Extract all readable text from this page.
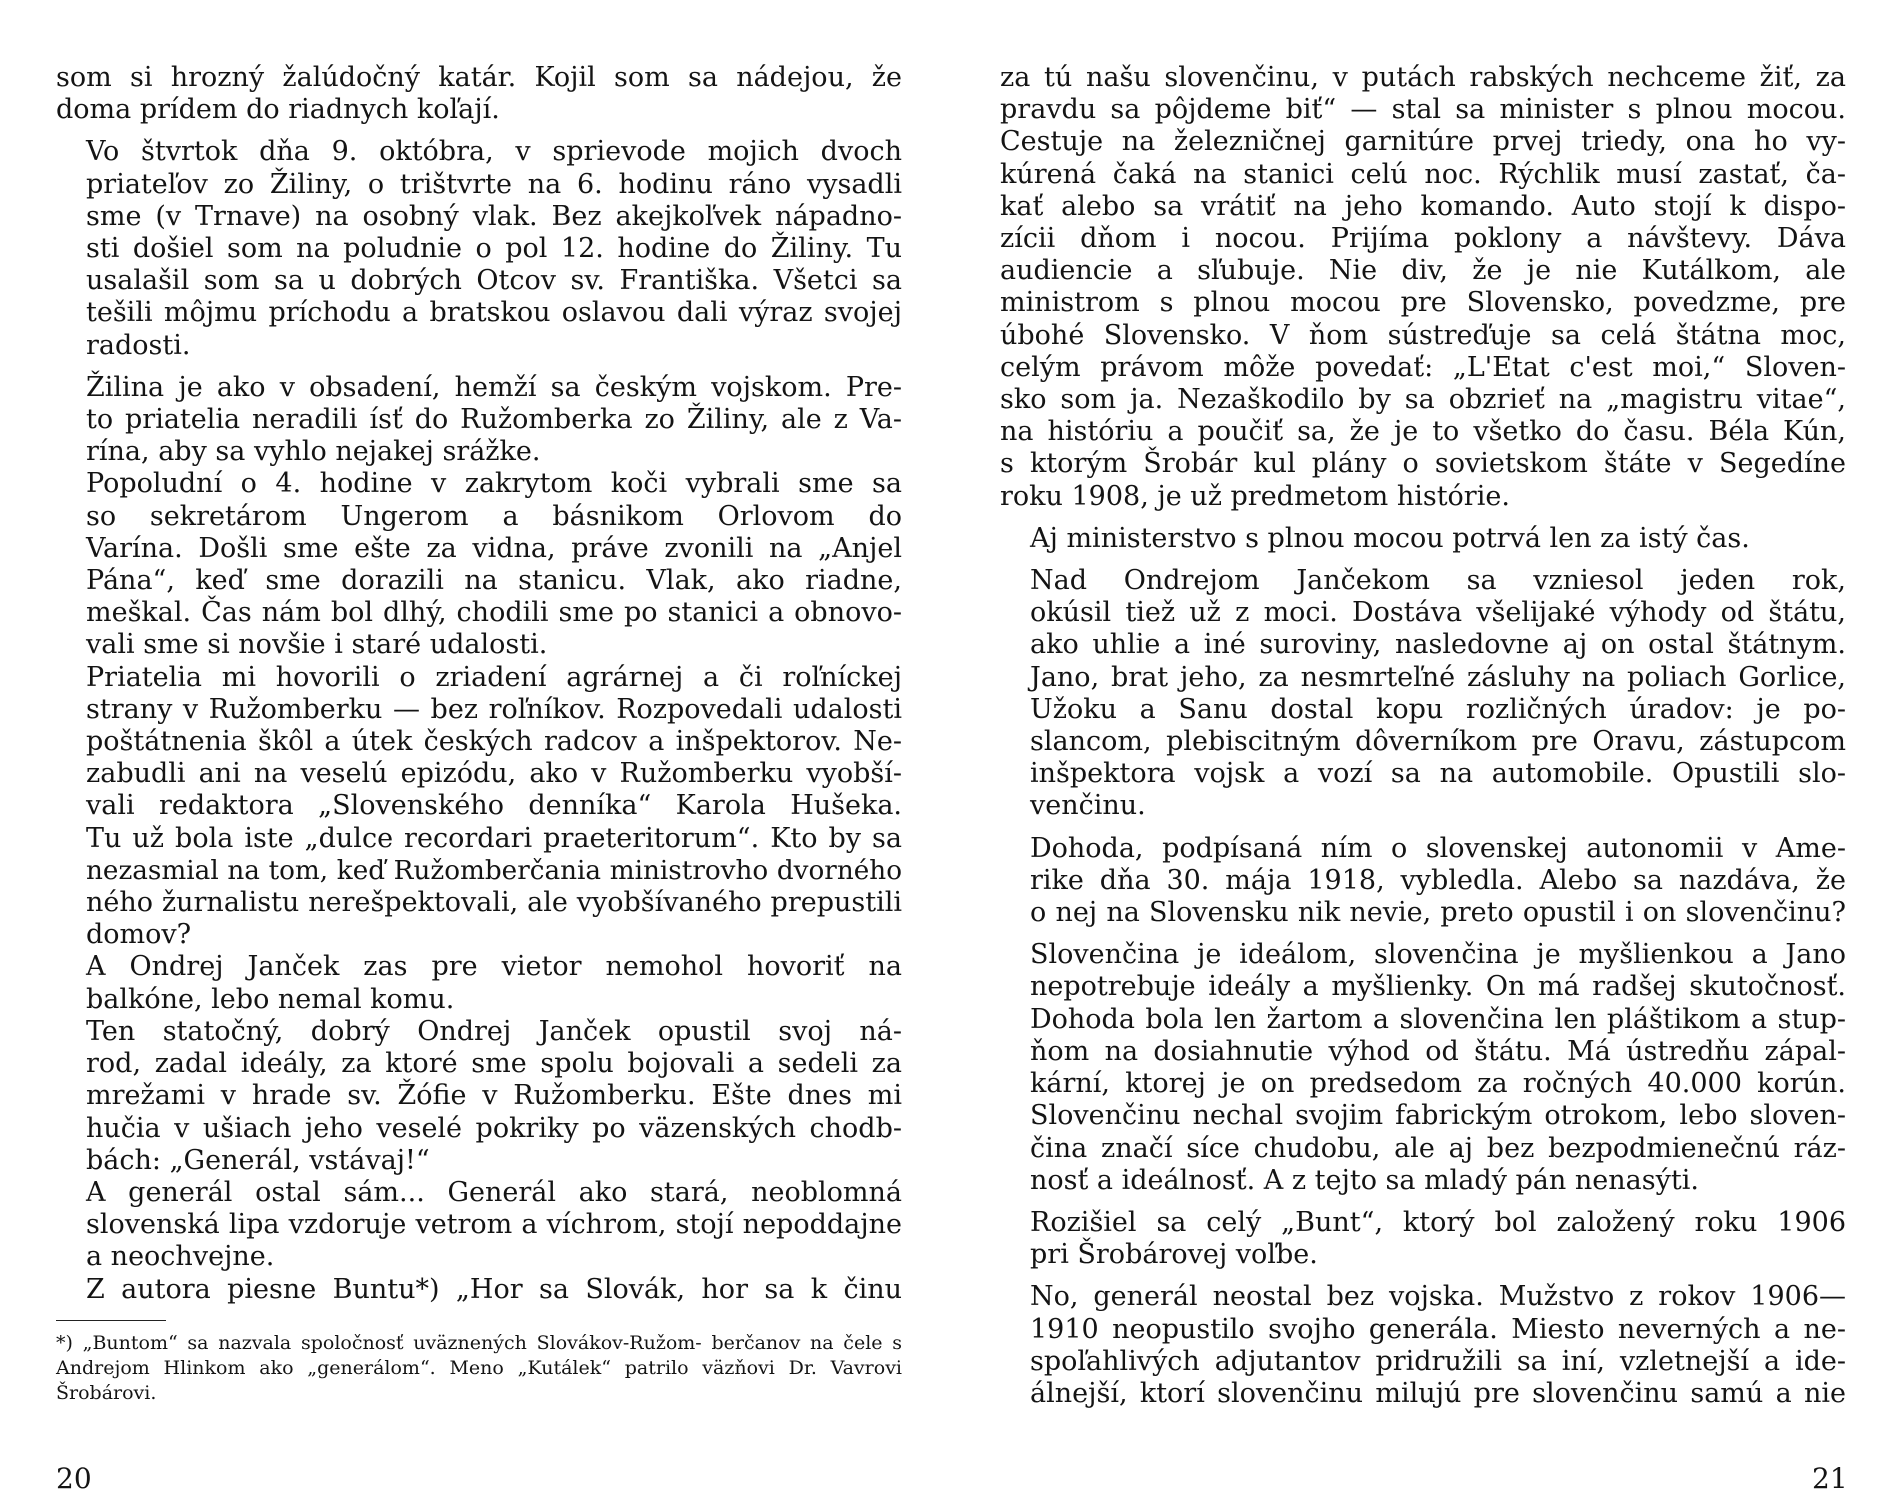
som si hrozný žalúdočný katár. Kojil som sa nádejou, že
doma prídem do riadnych koľají.

Vo štvrtok dňa 9. októbra, v sprievode mojich dvoch
priateľov zo Žiliny, o trištvrte na 6. hodinu ráno vysadli
sme (v Trnave) na osobný vlak. Bez akejkoľvek nápadno-
sti došiel som na poludnie o pol 12. hodine do Žiliny. Tu
usalašil som sa u dobrých Otcov sv. Františka. Všetci sa
tešili môjmu príchodu a bratskou oslavou dali výraz svojej
radosti.

Žilina je ako v obsadení, hemží sa českým vojskom. Pre-
to priatelia neradili ísť do Ružomberka zo Žiliny, ale z Va-
rína, aby sa vyhlo nejakej srážke.

Popoludní o 4. hodine v zakrytom koči vybrali sme sa
so sekretárom Ungerom a básnikom Orlovom do
Varína. Došli sme ešte za vidna, práve zvonili na „Anjel
Pána“, keď sme dorazili na stanicu. Vlak, ako riadne,
meškal. Čas nám bol dlhý, chodili sme po stanici a obnovo-
vali sme si novšie i staré udalosti.

Priatelia mi hovorili o zriadení agrárnej a či roľníckej
strany v Ružomberku — bez roľníkov. Rozpovedali udalosti
poštátnenia škôl a útek českých radcov a inšpektorov. Ne-
zabudli ani na veselú epizódu, ako v Ružomberku vyobší-
vali redaktora „Slovenského denníka“ Karola Hušeka.
Tu už bola iste „dulce recordari praeteritorum“. Kto by sa
nezasmial na tom, keď Ružomberčania ministrovho dvorného
ného žurnalistu nerešpektovali, ale vyobšívaného prepustili
domov?

A Ondrej Janček zas pre vietor nemohol hovoriť na
balkóne, lebo nemal komu.

Ten statočný, dobrý Ondrej Janček opustil svoj ná-
rod, zadal ideály, za ktoré sme spolu bojovali a sedeli za
mrežami v hrade sv. Žófie v Ružomberku. Ešte dnes mi
hučia v ušiach jeho veselé pokriky po väzenských chodb-
bách: „Generál, vstávaj!“

A generál ostal sám... Generál ako stará, neoblomná
slovenská lipa vzdoruje vetrom a víchrom, stojí nepoddajne
a neochvejne.

Z autora piesne Buntu*) „Hor sa Slovák, hor sa k činu

*) „Buntom“ sa nazvala spoločnosť uväznených Slovákov-Ružom- berčanov na čele s Andrejom Hlinkom ako „generálom“. Meno „Kutálek“ patrilo väzňovi Dr. Vavrovi Šrobárovi.

20

za tú našu slovenčinu, v putách rabských nechceme žiť, za
pravdu sa pôjdeme biť“ — stal sa minister s plnou mocou.
Cestuje na železničnej garnitúre prvej triedy, ona ho vy-
kúrená čaká na stanici celú noc. Rýchlik musí zastať, ča-
kať alebo sa vrátiť na jeho komando. Auto stojí k dispo-
zícii dňom i nocou. Prijíma poklony a návštevy. Dáva
audiencie a sľubuje. Nie div, že je nie Kutálkom, ale
ministrom s plnou mocou pre Slovensko, povedzme, pre
úbohé Slovensko. V ňom sústreďuje sa celá štátna moc,
celým právom môže povedať: „L'Etat c'est moi,“ Sloven-
sko som ja. Nezaškodilo by sa obzrieť na „magistru vitae“,
na históriu a poučiť sa, že je to všetko do času. Béla Kún,
s ktorým Šrobár kul plány o sovietskom štáte v Segedíne
roku 1908, je už predmetom histórie.

Aj ministerstvo s plnou mocou potrvá len za istý čas.

Nad Ondrejom Jančekom sa vzniesol jeden rok,
okúsil tiež už z moci. Dostáva všelijaké výhody od štátu,
ako uhlie a iné suroviny, nasledovne aj on ostal štátnym.
Jano, brat jeho, za nesmrteľné zásluhy na poliach Gorlice,
Užoku a Sanu dostal kopu rozličných úradov: je po-
slancom, plebiscitným dôverníkom pre Oravu, zástupcom
inšpektora vojsk a vozí sa na automobile. Opustili slo-
venčinu.

Dohoda, podpísaná ním o slovenskej autonomii v Ame-
rike dňa 30. mája 1918, vybledla. Alebo sa nazdáva, že
o nej na Slovensku nik nevie, preto opustil i on slovenčinu?

Slovenčina je ideálom, slovenčina je myšlienkou a Jano
nepotrebuje ideály a myšlienky. On má radšej skutočnosť.
Dohoda bola len žartom a slovenčina len pláštikom a stup-
ňom na dosiahnutie výhod od štátu. Má ústredňu zápal-
kární, ktorej je on predsedom za ročných 40.000 korún.
Slovenčinu nechal svojim fabrickým otrokom, lebo sloven-
čina značí síce chudobu, ale aj bez bezpodmienečnú ráz-
nosť a ideálnosť. A z tejto sa mladý pán nenasýti.

Rozišiel sa celý „Bunt“, ktorý bol založený roku 1906
pri Šrobárovej voľbe.

No, generál neostal bez vojska. Mužstvo z rokov 1906—
1910 neopustilo svojho generála. Miesto neverných a ne-
spoľahlivých adjutantov pridružili sa iní, vzletnejší a ide-
álnejší, ktorí slovenčinu milujú pre slovenčinu samú a nie

21
